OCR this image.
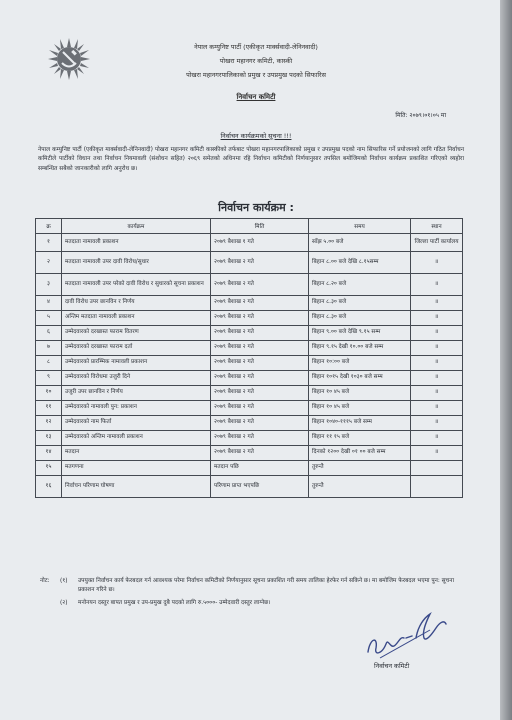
नेपाल कम्युनिष्ट पार्टी (एकीकृत मार्क्सवादी-लेनिनवादी)
पोखरा महानगर कमिटी, कास्की
पोखरा महानगरपालिकाको प्रमुख र उपप्रमुख पदको सिफारिस
निर्वाचन कमिटी
मिति: २०७९।०१।०५ मा
निर्वाचन कार्यक्रमको सूचना !!!
नेपाल कम्युनिष्ट पार्टी (एकीकृत मार्क्सवादी-लेनिनवादी) पोखरा महानगर कमिटी कास्कीको तर्फबाट पोखरा महानगरपालिकाको प्रमुख र उपप्रमुख पदको नाम सिफारिस गर्ने प्रयोजनको लागि गठित निर्वाचन कमिटीले पार्टीको विधान तथा निर्वाचन नियमावली (संशोधन सहित) २०६९ समेतको अधिनमा रहि निर्वाचन कमिटीको निर्णयानुसार तपसिल बमोजिमको निर्वाचन कार्यक्रम प्रकाशित गरिएको व्यहोरा सम्बन्धित सबैको जानकारीको लागि अनुरोध छ।
निर्वाचन कार्यक्रम :
क्र	कार्यक्रम	मिति	समय	स्थान
१	मतदाता नामावली प्रकाशन	२०७९ बैशाख १ गते	साँझ ५.०० बजे	जिल्ला पार्टी कार्यालय
२	मतदाता नामावली उपर दावी विरोध/सुधार	२०७९ बैशाख २ गते	बिहान ८.०० बजे देखि ८.१५सम्म	॥
३	मतदाता नामावली उपर परेको दावी विरोध र सुधारको सूचना प्रकाशन	२०७९ बैशाख २ गते	बिहान ८.२० बजे	॥
४	दावी विरोध उपर छानविन र निर्णय	२०७९ बैशाख २ गते	बिहान ८.३० बजे	॥
५	अन्तिम मतदाता नामावली प्रकाशन	२०७९ बैशाख २ गते	बिहान ८.३० बजे	॥
६	उम्मेदवारको दरखास्त फाराम वितरण	२०७९ बैशाख २ गते	बिहान ९.०० बजे देखि ९.१५ सम्म	॥
७	उम्मेदवारको दरखास्त फाराम दर्ता	२०७९ बैशाख २ गते	बिहान ९.१५ देखी १०.०० बजे सम्म	॥
८	उम्मेदवारको प्रारम्भिक नामावली प्रकाशन	२०७९ बैशाख २ गते	बिहान १०:०० बजे	॥
९	उम्मेदवारको विरोधमा उजुरी दिने	२०७९ बैशाख २ गते	बिहान १०१५ देखी १०३० बजे सम्म	॥
१०	उजुरी उपर छानविन र निर्णय	२०७९ बैशाख २ गते	बिहान १० ४५ बजे	॥
११	उम्मेदवारको नामावली पुन: प्रकाशन	२०७९ बैशाख २ गते	बिहान १० ४५ बजे	॥
१२	उम्मेदवारको नाम फिर्ता	२०७९ बैशाख २ गते	बिहान १०४०-१११५ बजे सम्म	॥
१३	उम्मेदवारको अन्तिम नामावली प्रकाशन	२०७९ बैशाख २ गते	बिहान ११ १५ बजे	॥
१४	मतदान	२०७९ बैशाख २ गते	दिनको १२०० देखी ०१ ०० बजे सम्म	॥
१५	मतगणना	मतदान पछि	तुरुन्तै	
१६	निर्वाचन परिणाम घोषणा	परिणाम प्राप्त भएपछि	तुरुन्तै	
नोट:	(१)	उपयुक्त निर्वाचन कार्य फेरबदल गर्न आवश्यक परेमा निर्वाचन कमिटीको निर्णयानुसार सूचना प्रकाशित गरी समय तालिका हेरफेर गर्न सकिने छ। मा बमोजिम फेरबदल भएमा पुन: सूचना प्रकाशन गरिने छ।
(२)	मनोनयन दस्तुर बापत प्रमुख र उप-प्रमुख दुबै पदको लागि रु.५०००- उम्मेदवारी दस्तुर लाग्नेछ।
निर्वाचन कमिटी
